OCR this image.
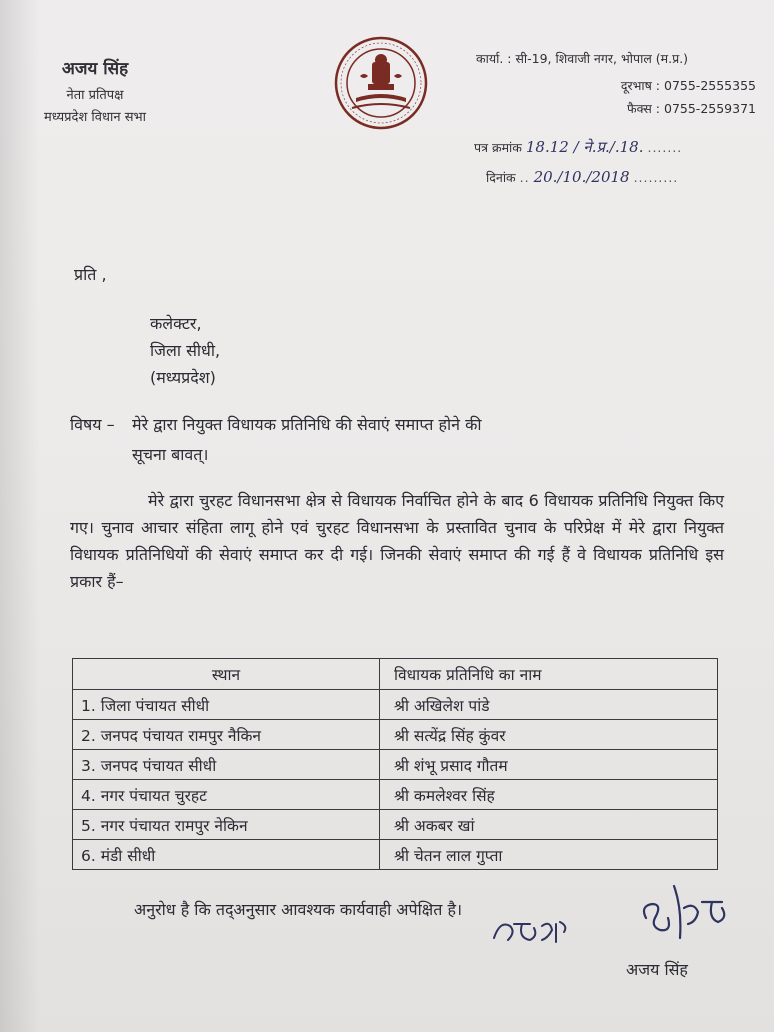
अजय सिंह
नेता प्रतिपक्ष
मध्यप्रदेश विधान सभा
कार्या. : सी-19, शिवाजी नगर, भोपाल (म.प्र.)
दूरभाष : 0755-2555355
फैक्स : 0755-2559371
पत्र क्रमांक 18.12 / ने.प्र./.18. .......
दिनांक .. 20./10./2018 .........
प्रति ,
कलेक्टर,
जिला सीधी,
(मध्यप्रदेश)
विषय – मेरे द्वारा नियुक्त विधायक प्रतिनिधि की सेवाएं समाप्त होने की
सूचना बावत्।

मेरे द्वारा चुरहट विधानसभा क्षेत्र से विधायक निर्वाचित होने के बाद 6 विधायक प्रतिनिधि नियुक्त किए गए। चुनाव आचार संहिता लागू होने एवं चुरहट विधानसभा के प्रस्तावित चुनाव के परिप्रेक्ष में मेरे द्वारा नियुक्त विधायक प्रतिनिधियों की सेवाएं समाप्त कर दी गई। जिनकी सेवाएं समाप्त की गई हैं वे विधायक प्रतिनिधि इस प्रकार हैं–

स्थान	विधायक प्रतिनिधि का नाम
1. जिला पंचायत सीधी	श्री अखिलेश पांडे
2. जनपद पंचायत रामपुर नैकिन	श्री सत्येंद्र सिंह कुंवर
3. जनपद पंचायत सीधी	श्री शंभू प्रसाद गौतम
4. नगर पंचायत चुरहट	श्री कमलेश्वर सिंह
5. नगर पंचायत रामपुर नेकिन	श्री अकबर खां
6. मंडी सीधी	श्री चेतन लाल गुप्ता
अनुरोध है कि तद्अनुसार आवश्यक कार्यवाही अपेक्षित है।
अजय सिंह
